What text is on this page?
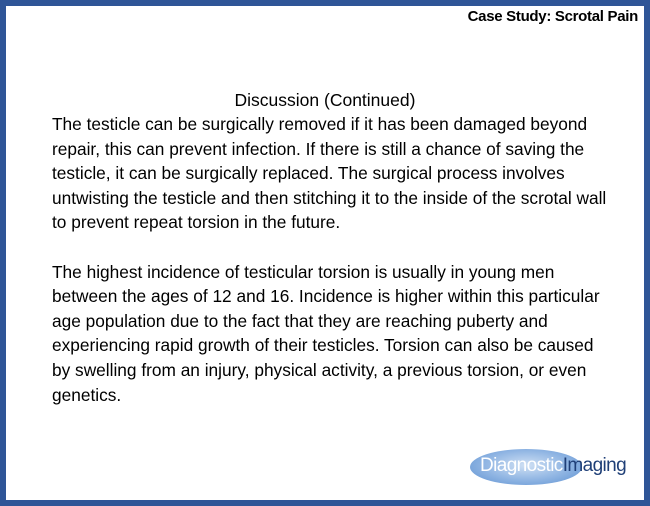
Case Study: Scrotal Pain
Discussion (Continued)

The testicle can be surgically removed if it has been damaged beyond repair, this can prevent infection. If there is still a chance of saving the testicle, it can be surgically replaced. The surgical process involves untwisting the testicle and then stitching it to the inside of the scrotal wall to prevent repeat torsion in the future.

The highest incidence of testicular torsion is usually in young men between the ages of 12 and 16. Incidence is higher within this particular age population due to the fact that they are reaching puberty and experiencing rapid growth of their testicles. Torsion can also be caused by swelling from an injury, physical activity, a previous torsion, or even genetics.

DiagnosticImaging
